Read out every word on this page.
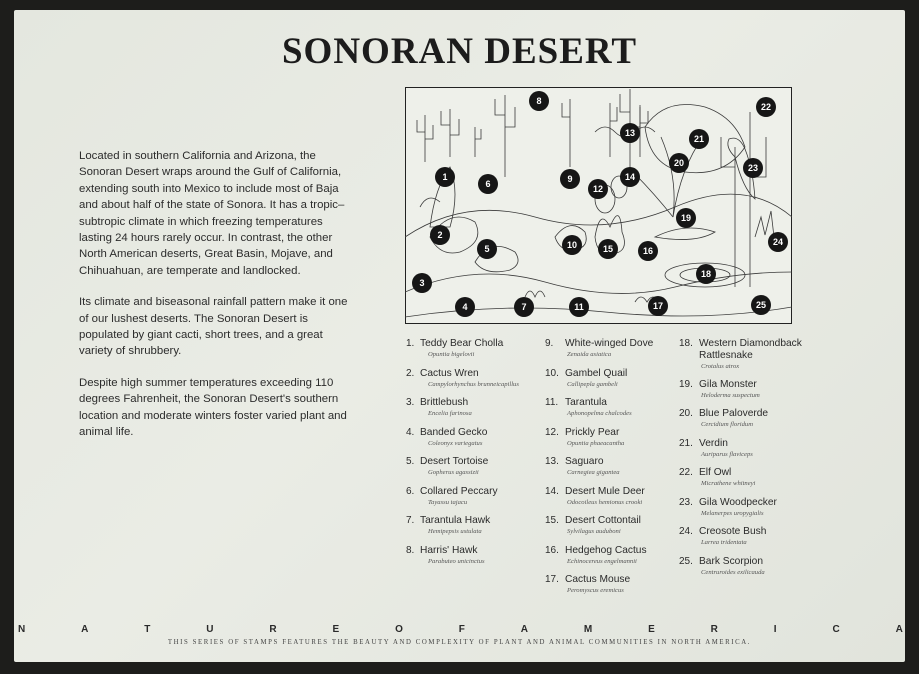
SONORAN DESERT

Located in southern California and Arizona, the Sonoran Desert wraps around the Gulf of California, extending south into Mexico to include most of Baja and about half of the state of Sonora. It has a tropic–subtropic climate in which freezing temperatures lasting 24 hours rarely occur. In contrast, the other North American deserts, Great Basin, Mojave, and Chihuahuan, are temperate and landlocked.

Its climate and biseasonal rainfall pattern make it one of our lushest deserts. The Sonoran Desert is populated by giant cacti, short trees, and a great variety of shrubbery.

Despite high summer temperatures exceeding 110 degrees Fahrenheit, the Sonoran Desert's southern location and moderate winters foster varied plant and animal life.

1
2
3
4
5
6
7
8
9
10
11
12
13
14
15	16
17
18
19
20
21
22
23
24
25
1. Teddy Bear Cholla
Opuntia bigelovii
2. Cactus Wren
Campylorhynchus brunneicapillus
3. Brittlebush
Encelia farinosa
4. Banded Gecko
Coleonyx variegatus
5. Desert Tortoise
Gopherus agassizii
6. Collared Peccary
Tayassu tajacu
7. Tarantula Hawk
Hemipepsis ustulata
8. Harris' Hawk
Parabuteo unicinctus
9.	White-winged Dove
Zenaida asiatica
10. Gambel Quail
Callipepla gambeli
11. Tarantula
Aphonopelma chalcodes
12. Prickly Pear
Opuntia phaeacantha
13. Saguaro
Carnegiea gigantea
14. Desert Mule Deer
Odocoileus hemionus crooki
15. Desert Cottontail
Sylvilagus auduboni
16. Hedgehog Cactus
Echinocereus engelmannii
17. Cactus Mouse
Peromyscus eremicus
18. Western Diamondback Rattlesnake
Crotalus atrox
19. Gila Monster
Heloderma suspectum
20. Blue Paloverde
Cercidium floridum
21. Verdin
Auriparus flaviceps
22. Elf Owl
Micrathene whitneyi
23. Gila Woodpecker
Melanerpes uropygialis
24. Creosote Bush
Larrea tridentata
25. Bark Scorpion
Centruroides exilicauda
N	A	T	U	R	E	O	F	A	M	E	R	I	C	A
THIS SERIES OF STAMPS FEATURES THE BEAUTY AND COMPLEXITY OF PLANT AND ANIMAL COMMUNITIES IN NORTH AMERICA.
